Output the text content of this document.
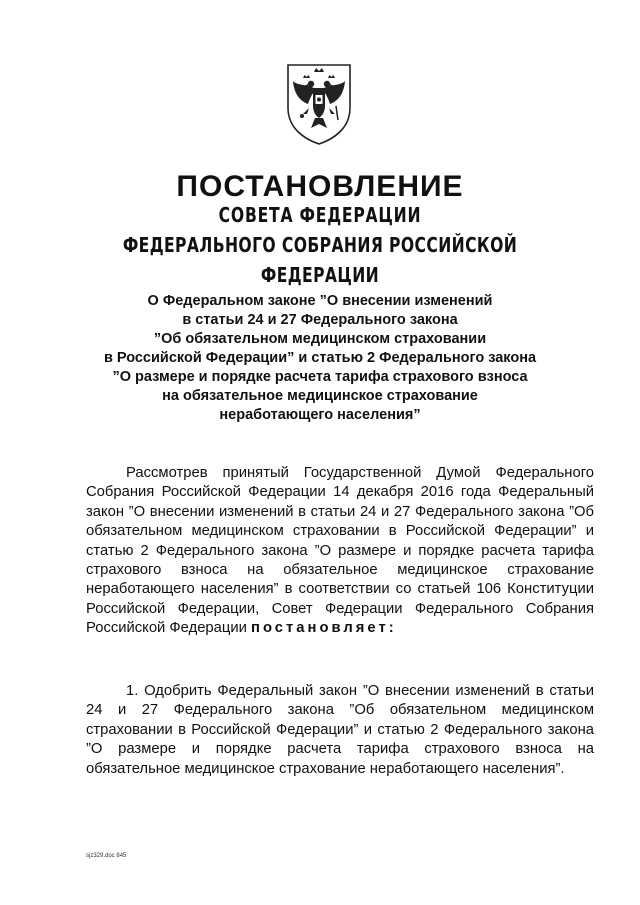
ПОСТАНОВЛЕНИЕ
СОВЕТА ФЕДЕРАЦИИ
ФЕДЕРАЛЬНОГО СОБРАНИЯ РОССИЙСКОЙ ФЕДЕРАЦИИ
О Федеральном законе ”О внесении изменений
в статьи 24 и 27 Федерального закона
”Об обязательном медицинском страховании
в Российской Федерации” и статью 2 Федерального закона
”О размере и порядке расчета тарифа страхового взноса
на обязательное медицинское страхование
неработающего населения”
Рассмотрев принятый Государственной Думой Федерального Собрания Российской Федерации 14 декабря 2016 года Федеральный закон ”О внесении изменений в статьи 24 и 27 Федерального закона ”Об обязательном медицинском страховании в Российской Федерации” и статью 2 Федерального закона ”О размере и порядке расчета тарифа страхового взноса на обязательное медицинское страхование неработающего населения” в соответствии со статьей 106 Конституции Российской Федерации, Совет Федерации Федерального Собрания Российской Федерации постановляет:
1. Одобрить Федеральный закон ”О внесении изменений в статьи 24 и 27 Федерального закона ”Об обязательном медицинском страховании в Российской Федерации” и статью 2 Федерального закона ”О размере и порядке расчета тарифа страхового взноса на обязательное медицинское страхование неработающего населения”.
sjz329.doc 845
